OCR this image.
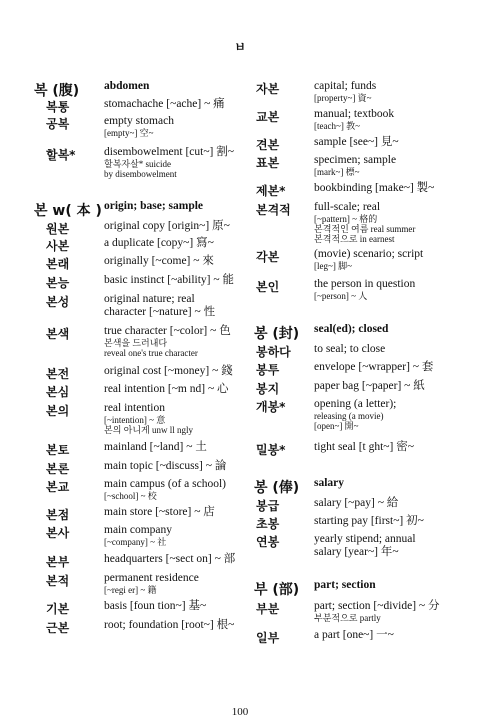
ㅂ
복 (腹) abdomen
복통	stomachache [~ache] ~ 痛
공복	empty stomach
[empty~] 空~
할복* disembowelment [cut~] 割~
할복자살* suicide
by disembowelment
본 w( 本 ) origin; base; sample
원본	original copy [origin~] 原~
사본	a duplicate [copy~] 寫~
본래	originally [~come] ~ 來
본능	basic instinct [~ability] ~ 能
본성	original nature; real
character [~nature] ~ 性
본색	true character [~color] ~ 色
본색을 드러내다
reveal one's true character
본전	original cost [~money] ~ 錢
본심	real intention [~m nd] ~ 心
본의	real intention
[~intention] ~ 意
본의 아니게 unw ll ngly
본토	mainland [~land] ~ 土
본론	main topic [~discuss] ~ 論
본교	main campus (of a school)
[~school] ~ 校
본점	main store [~store] ~ 店
본사	main company
[~company] ~ 社
본부	headquarters [~sect on] ~ 部
본적	permanent residence
[~regi er] ~ 籍
기본	basis [foun tion~] 基~
근본	root; foundation [root~] 根~
자본	capital; funds
[property~] 資~
교본	manual; textbook
[teach~] 教~
견본	sample [see~] 見~
표본	specimen; sample
[mark~] 標~
제본* bookbinding [make~] 製~
본격적 full-scale; real
[~pattern] ~ 格的
본격적인 여름 real summer
본격적으로 in earnest
각본	(movie) scenario; script
[leg~] 脚~
본인	the person in question
[~person] ~ 人
봉 (封) seal(ed); closed
봉하다 to seal; to close
봉투	envelope [~wrapper] ~ 套
봉지	paper bag [~paper] ~ 紙
개봉* opening (a letter);
releasing (a movie)
[open~] 開~
밀봉* tight seal [t ght~] 密~
봉 (俸) salary
봉급	salary [~pay] ~ 給
초봉	starting pay [first~] 初~
연봉	yearly stipend; annual
salary [year~] 年~
부 (部) part; section
부분	part; section [~divide] ~ 分
부분적으로 partly
일부	a part [one~] 一~
100
